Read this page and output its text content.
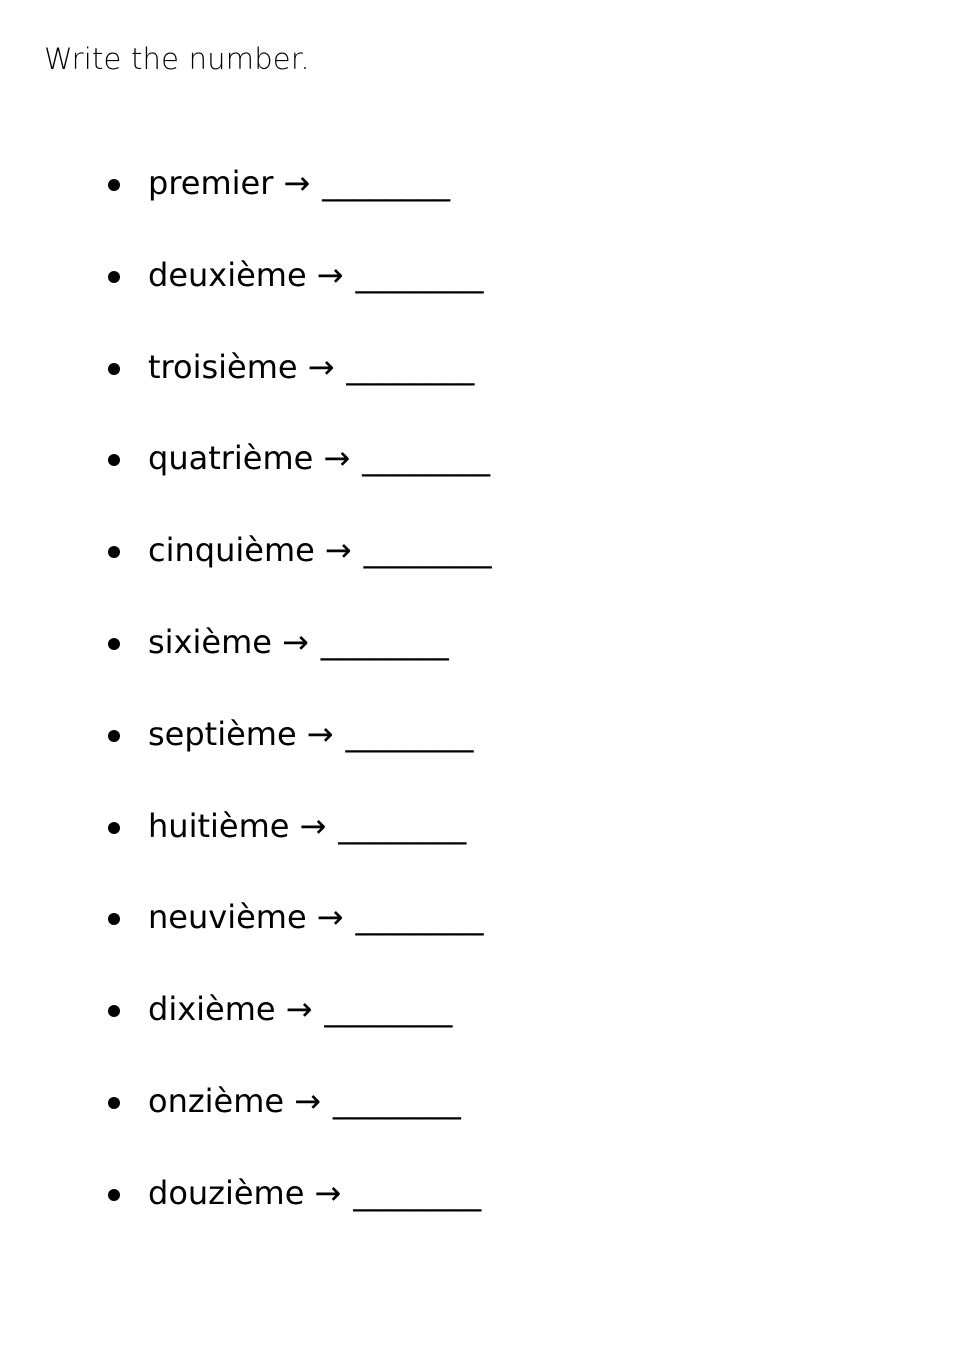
Write the number.
premier → ________
deuxième → ________
troisième → ________
quatrième → ________
cinquième → ________
sixième → ________
septième → ________
huitième → ________
neuvième → ________
dixième → ________
onzième → ________
douzième → ________
